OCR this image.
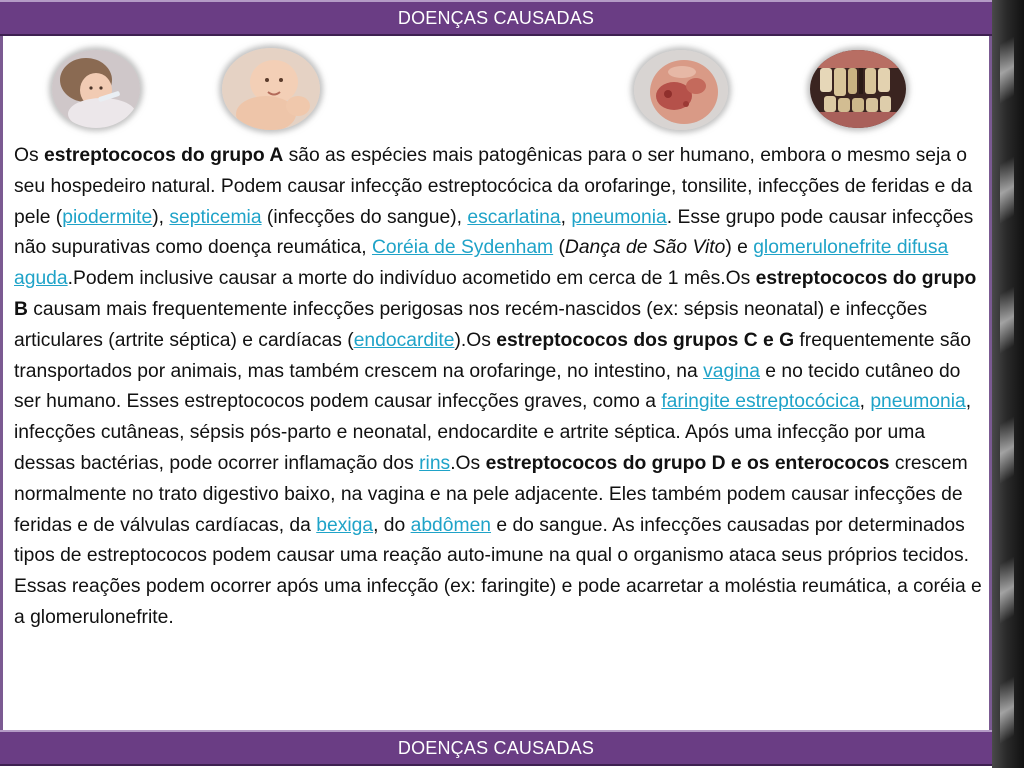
DOENÇAS CAUSADAS

Os estreptococos do grupo A são as espécies mais patogênicas para o ser humano, embora o mesmo seja o seu hospedeiro natural. Podem causar infecção estreptocócica da orofaringe, tonsilite, infecções de feridas e da pele (piodermite), septicemia (infecções do sangue), escarlatina, pneumonia. Esse grupo pode causar infecções não supurativas como doença reumática, Coréia de Sydenham (Dança de São Vito) e glomerulonefrite difusa aguda.Podem inclusive causar a morte do indivíduo acometido em cerca de 1 mês.Os estreptococos do grupo B causam mais frequentemente infecções perigosas nos recém-nascidos (ex: sépsis neonatal) e infecções articulares (artrite séptica) e cardíacas (endocardite).Os estreptococos dos grupos C e G frequentemente são transportados por animais, mas também crescem na orofaringe, no intestino, na vagina e no tecido cutâneo do ser humano. Esses estreptococos podem causar infecções graves, como a faringite estreptocócica, pneumonia, infecções cutâneas, sépsis pós-parto e neonatal, endocardite e artrite séptica. Após uma infecção por uma dessas bactérias, pode ocorrer inflamação dos rins.Os estreptococos do grupo D e os enterococos crescem normalmente no trato digestivo baixo, na vagina e na pele adjacente. Eles também podem causar infecções de feridas e de válvulas cardíacas, da bexiga, do abdômen e do sangue. As infecções causadas por determinados tipos de estreptococos podem causar uma reação auto-imune na qual o organismo ataca seus próprios tecidos. Essas reações podem ocorrer após uma infecção (ex: faringite) e pode acarretar a moléstia reumática, a coréia e a glomerulonefrite.

DOENÇAS CAUSADAS
